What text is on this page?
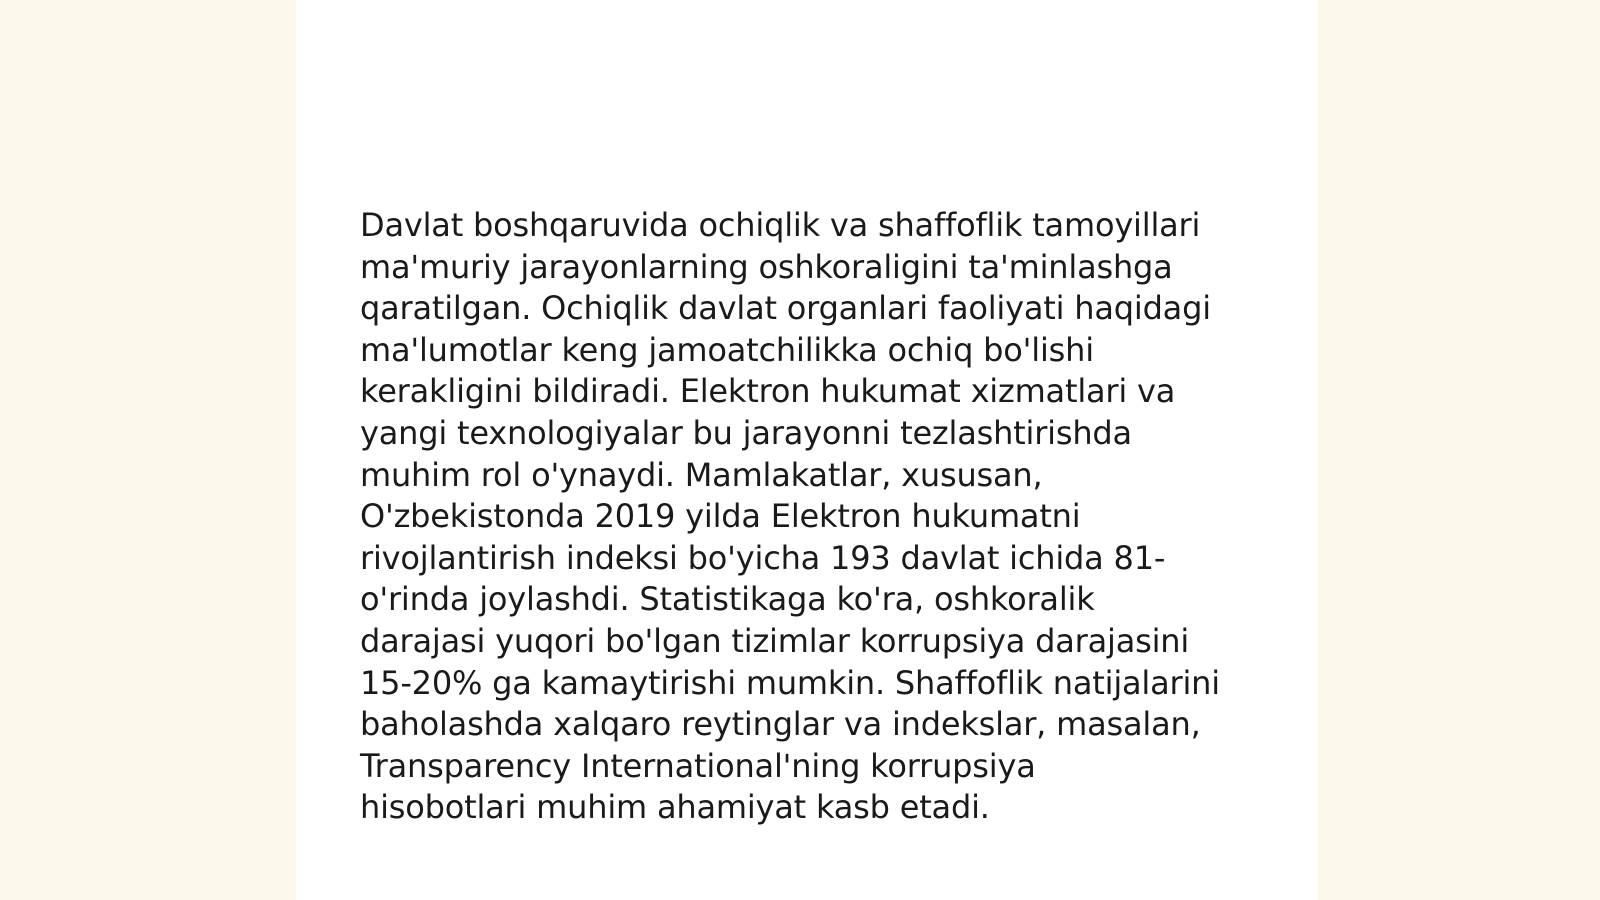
Davlat boshqaruvida ochiqlik va shaffoflik tamoyillari
ma'muriy jarayonlarning oshkoraligini ta'minlashga
qaratilgan. Ochiqlik davlat organlari faoliyati haqidagi
ma'lumotlar keng jamoatchilikka ochiq bo'lishi
kerakligini bildiradi. Elektron hukumat xizmatlari va
yangi texnologiyalar bu jarayonni tezlashtirishda
muhim rol o'ynaydi. Mamlakatlar, xususan,
O'zbekistonda 2019 yilda Elektron hukumatni
rivojlantirish indeksi bo'yicha 193 davlat ichida 81-
o'rinda joylashdi. Statistikaga ko'ra, oshkoralik
darajasi yuqori bo'lgan tizimlar korrupsiya darajasini
15-20% ga kamaytirishi mumkin. Shaffoflik natijalarini
baholashda xalqaro reytinglar va indekslar, masalan,
Transparency International'ning korrupsiya
hisobotlari muhim ahamiyat kasb etadi.
